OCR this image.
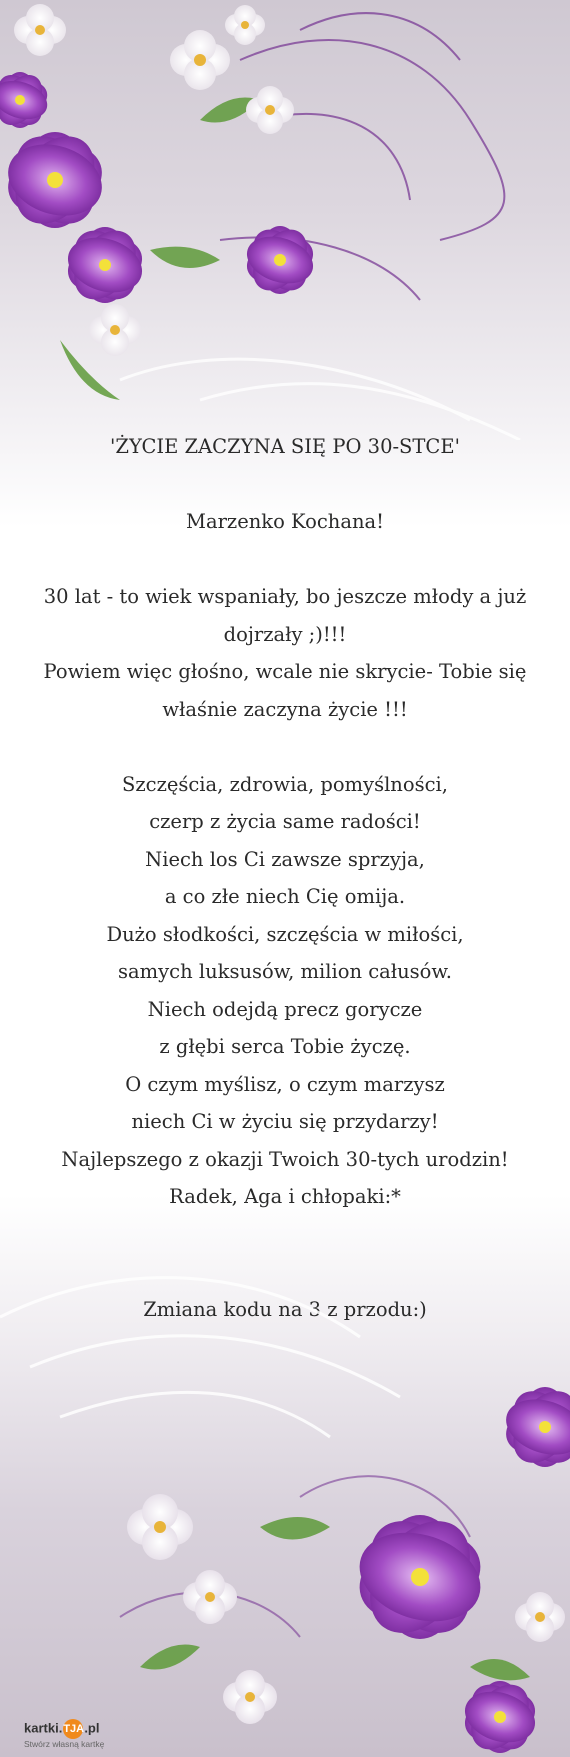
'ŻYCIE ZACZYNA SIĘ PO 30-STCE'
Marzenko Kochana!
30 lat - to wiek wspaniały, bo jeszcze młody a już
dojrzały ;)!!!
Powiem więc głośno, wcale nie skrycie- Tobie się
właśnie zaczyna życie !!!
Szczęścia, zdrowia, pomyślności,
czerp z życia same radości!
Niech los Ci zawsze sprzyja,
a co złe niech Cię omija.
Dużo słodkości, szczęścia w miłości,
samych luksusów, milion całusów.
Niech odejdą precz gorycze
z głębi serca Tobie życzę.
O czym myślisz, o czym marzysz
niech Ci w życiu się przydarzy!
Najlepszego z okazji Twoich 30-tych urodzin!
Radek, Aga i chłopaki:*
Zmiana kodu na 3 z przodu:)
kartki.TJA.pl
Stwórz własną kartkę
